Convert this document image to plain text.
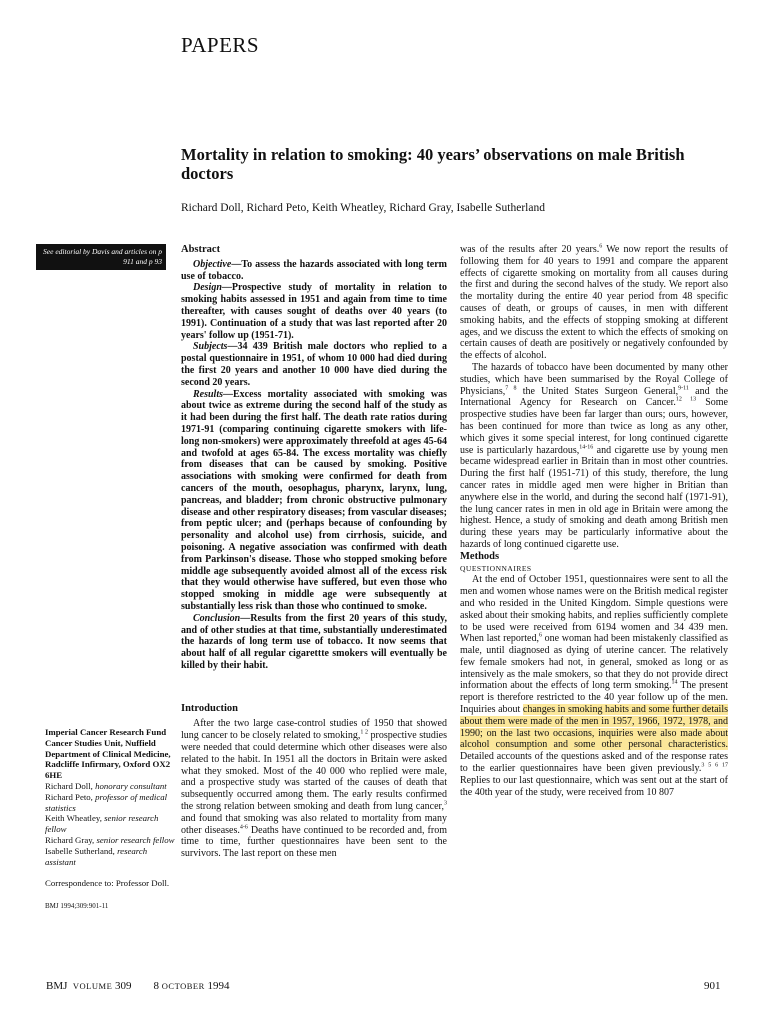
PAPERS
Mortality in relation to smoking: 40 years’ observations on male British doctors
Richard Doll, Richard Peto, Keith Wheatley, Richard Gray, Isabelle Sutherland
See editorial by Davis and articles on p 911 and p 93
Abstract

Objective—To assess the hazards associated with long term use of tobacco.

Design—Prospective study of mortality in relation to smoking habits assessed in 1951 and again from time to time thereafter, with causes sought of deaths over 40 years (to 1991). Continuation of a study that was last reported after 20 years' follow up (1951-71).

Subjects—34 439 British male doctors who replied to a postal questionnaire in 1951, of whom 10 000 had died during the first 20 years and another 10 000 have died during the second 20 years.

Results—Excess mortality associated with smoking was about twice as extreme during the second half of the study as it had been during the first half. The death rate ratios during 1971-91 (comparing continuing cigarette smokers with life-long non-smokers) were approximately threefold at ages 45-64 and twofold at ages 65-84. The excess mortality was chiefly from diseases that can be caused by smoking. Positive associations with smoking were confirmed for death from cancers of the mouth, oesophagus, pharynx, larynx, lung, pancreas, and bladder; from chronic obstructive pulmonary disease and other respiratory diseases; from vascular diseases; from peptic ulcer; and (perhaps because of confounding by personality and alcohol use) from cirrhosis, suicide, and poisoning. A negative association was confirmed with death from Parkinson's disease. Those who stopped smoking before middle age subsequently avoided almost all of the excess risk that they would otherwise have suffered, but even those who stopped smoking in middle age were subsequently at substantially less risk than those who continued to smoke.

Conclusion—Results from the first 20 years of this study, and of other studies at that time, substantially underestimated the hazards of long term use of tobacco. It now seems that about half of all regular cigarettte smokers will eventually be killed by their habit.

Introduction

After the two large case-control studies of 1950 that showed lung cancer to be closely related to smoking,$^{1 2}$ prospective studies were needed that could determine which other diseases were also related to the habit. In 1951 all the doctors in Britain were asked what they smoked. Most of the 40 000 who replied were male, and a prospective study was started of the causes of death that subsequently occurred among them. The early results confirmed the strong relation between smoking and death from lung cancer,$^3$ and found that smoking was also related to mortality from many other diseases.$^{4-6}$ Deaths have continued to be recorded and, from time to time, further questionnaires have been sent to the survivors. The last report on these men

was of the results after 20 years.$^6$ We now report the results of following them for 40 years to 1991 and compare the apparent effects of cigarette smoking on mortality from all causes during the first and during the second halves of the study. We report also the mortality during the entire 40 year period from 48 specific causes of death, or groups of causes, in men with different smoking habits, and the effects of stopping smoking at different ages, and we discuss the extent to which the effects of smoking on certain causes of death are positively or negatively confounded by the effects of alcohol.

The hazards of tobacco have been documented by many other studies, which have been summarised by the Royal College of Physicians,$^{7 8}$ the United States Surgeon General,$^{9-11}$ and the International Agency for Research on Cancer.$^{12 13}$ Some prospective studies have been far larger than ours; ours, however, has been continued for more than twice as long as any other, which gives it some special interest, for long continued cigarette use is particularly hazardous,$^{14-16}$ and cigarette use by young men became widespread earlier in Britain than in most other countries. During the first half (1951-71) of this study, therefore, the lung cancer rates in middle aged men were higher in Britian than anywhere else in the world, and during the second half (1971-91), the lung cancer rates in men in old age in Britain were among the highest. Hence, a study of smoking and death among British men during these years may be particularly informative about the hazards of long continued cigarette use.

Methods

QUESTIONNAIRES

At the end of October 1951, questionnaires were sent to all the men and women whose names were on the British medical register and who resided in the United Kingdom. Simple questions were asked about their smoking habits, and replies sufficiently complete to be used were received from 6194 women and 34 439 men. When last reported,$^6$ one woman had been mistakenly classified as male, until diagnosed as dying of uterine cancer. The relatively few female smokers had not, in general, smoked as long or as intensively as the male smokers, so that they do not provide direct information about the effects of long term smoking.$^{14}$ The present report is therefore restricted to the 40 year follow up of the men. Inquiries about changes in smoking habits and some further details about them were made of the men in 1957, 1966, 1972, 1978, and 1990; on the last two occasions, inquiries were also made about alcohol consumption and some other personal characteristics. Detailed accounts of the questions asked and of the response rates to the earlier questionnaires have been given previously.$^{3 5 6 17}$ Replies to our last questionnaire, which was sent out at the start of the 40th year of the study, were received from 10 807

Imperial Cancer Research Fund Cancer Studies Unit, Nuffield Department of Clinical Medicine, Radcliffe Infirmary, Oxford OX2 6HE
Richard Doll, honorary consultant
Richard Peto, professor of medical statistics
Keith Wheatley, senior research fellow
Richard Gray, senior research fellow
Isabelle Sutherland, research assistant
Correspondence to: Professor Doll.
BMJ 1994;309:901-11
BMJ VOLUME 309 8 OCTOBER 1994	901
